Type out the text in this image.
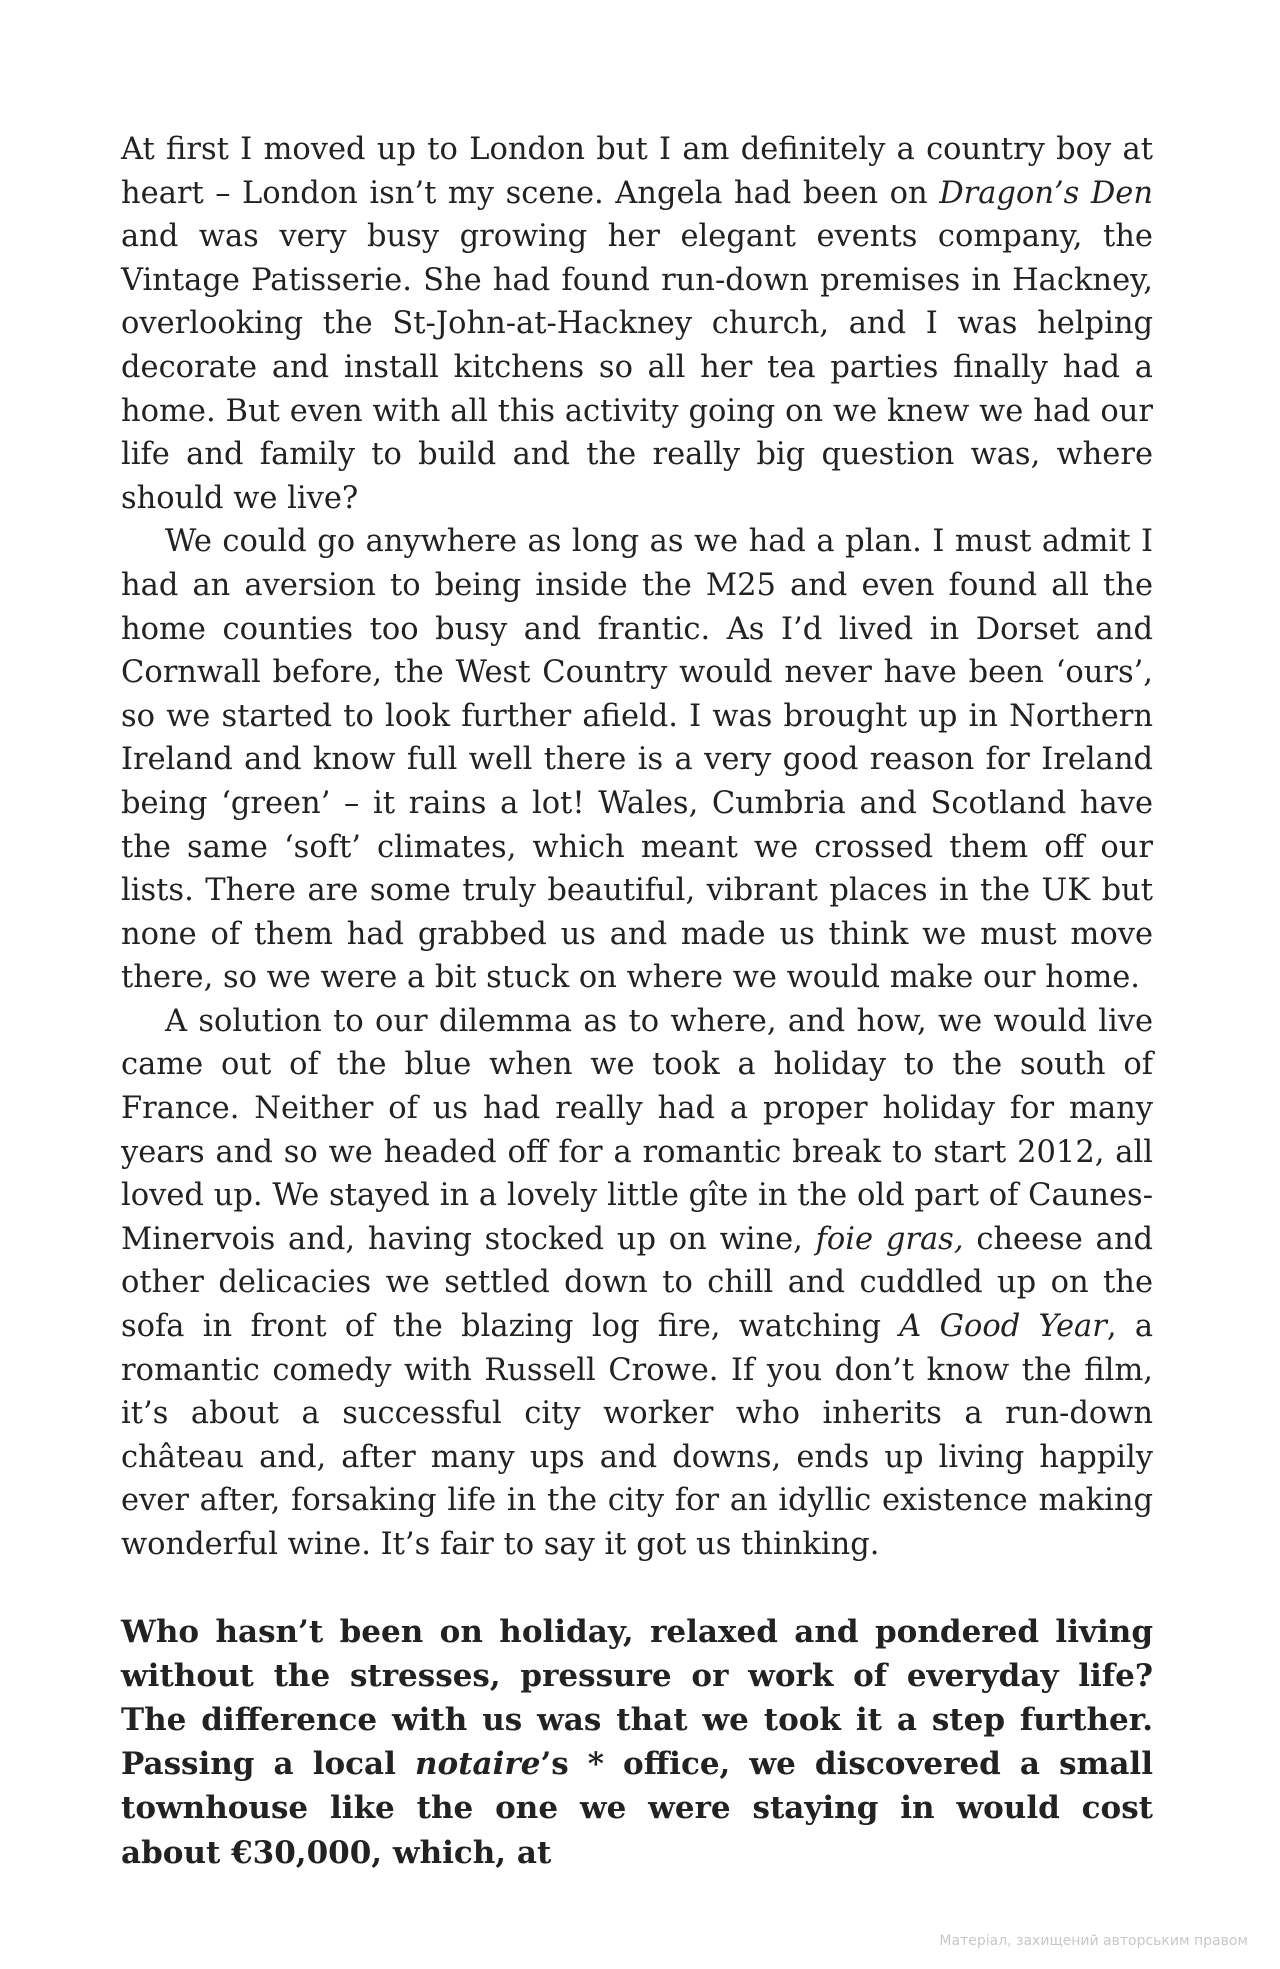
At first I moved up to London but I am definitely a country boy at heart – London isn’t my scene. Angela had been on Dragon’s Den and was very busy growing her elegant events company, the Vintage Patisserie. She had found run-down premises in Hackney, overlooking the St-John-at-Hackney church, and I was helping decorate and install kitchens so all her tea parties finally had a home. But even with all this activity going on we knew we had our life and family to build and the really big question was, where should we live?

We could go anywhere as long as we had a plan. I must admit I had an aversion to being inside the M25 and even found all the home counties too busy and frantic. As I’d lived in Dorset and Cornwall before, the West Country would never have been ‘ours’, so we started to look further afield. I was brought up in Northern Ireland and know full well there is a very good reason for Ireland being ‘green’ – it rains a lot! Wales, Cumbria and Scotland have the same ‘soft’ climates, which meant we crossed them off our lists. There are some truly beautiful, vibrant places in the UK but none of them had grabbed us and made us think we must move there, so we were a bit stuck on where we would make our home.

A solution to our dilemma as to where, and how, we would live came out of the blue when we took a holiday to the south of France. Neither of us had really had a proper holiday for many years and so we headed off for a romantic break to start 2012, all loved up. We stayed in a lovely little gîte in the old part of Caunes-Minervois and, having stocked up on wine, foie gras, cheese and other delicacies we settled down to chill and cuddled up on the sofa in front of the blazing log fire, watching A Good Year, a romantic comedy with Russell Crowe. If you don’t know the film, it’s about a successful city worker who inherits a run-down château and, after many ups and downs, ends up living happily ever after, forsaking life in the city for an idyllic existence making wonderful wine. It’s fair to say it got us thinking.

Who hasn’t been on holiday, relaxed and pondered living without the stresses, pressure or work of everyday life? The difference with us was that we took it a step further. Passing a local notaire’s * office, we discovered a small townhouse like the one we were staying in would cost about €30,000, which, at

Матеріал, захищений авторським правом
